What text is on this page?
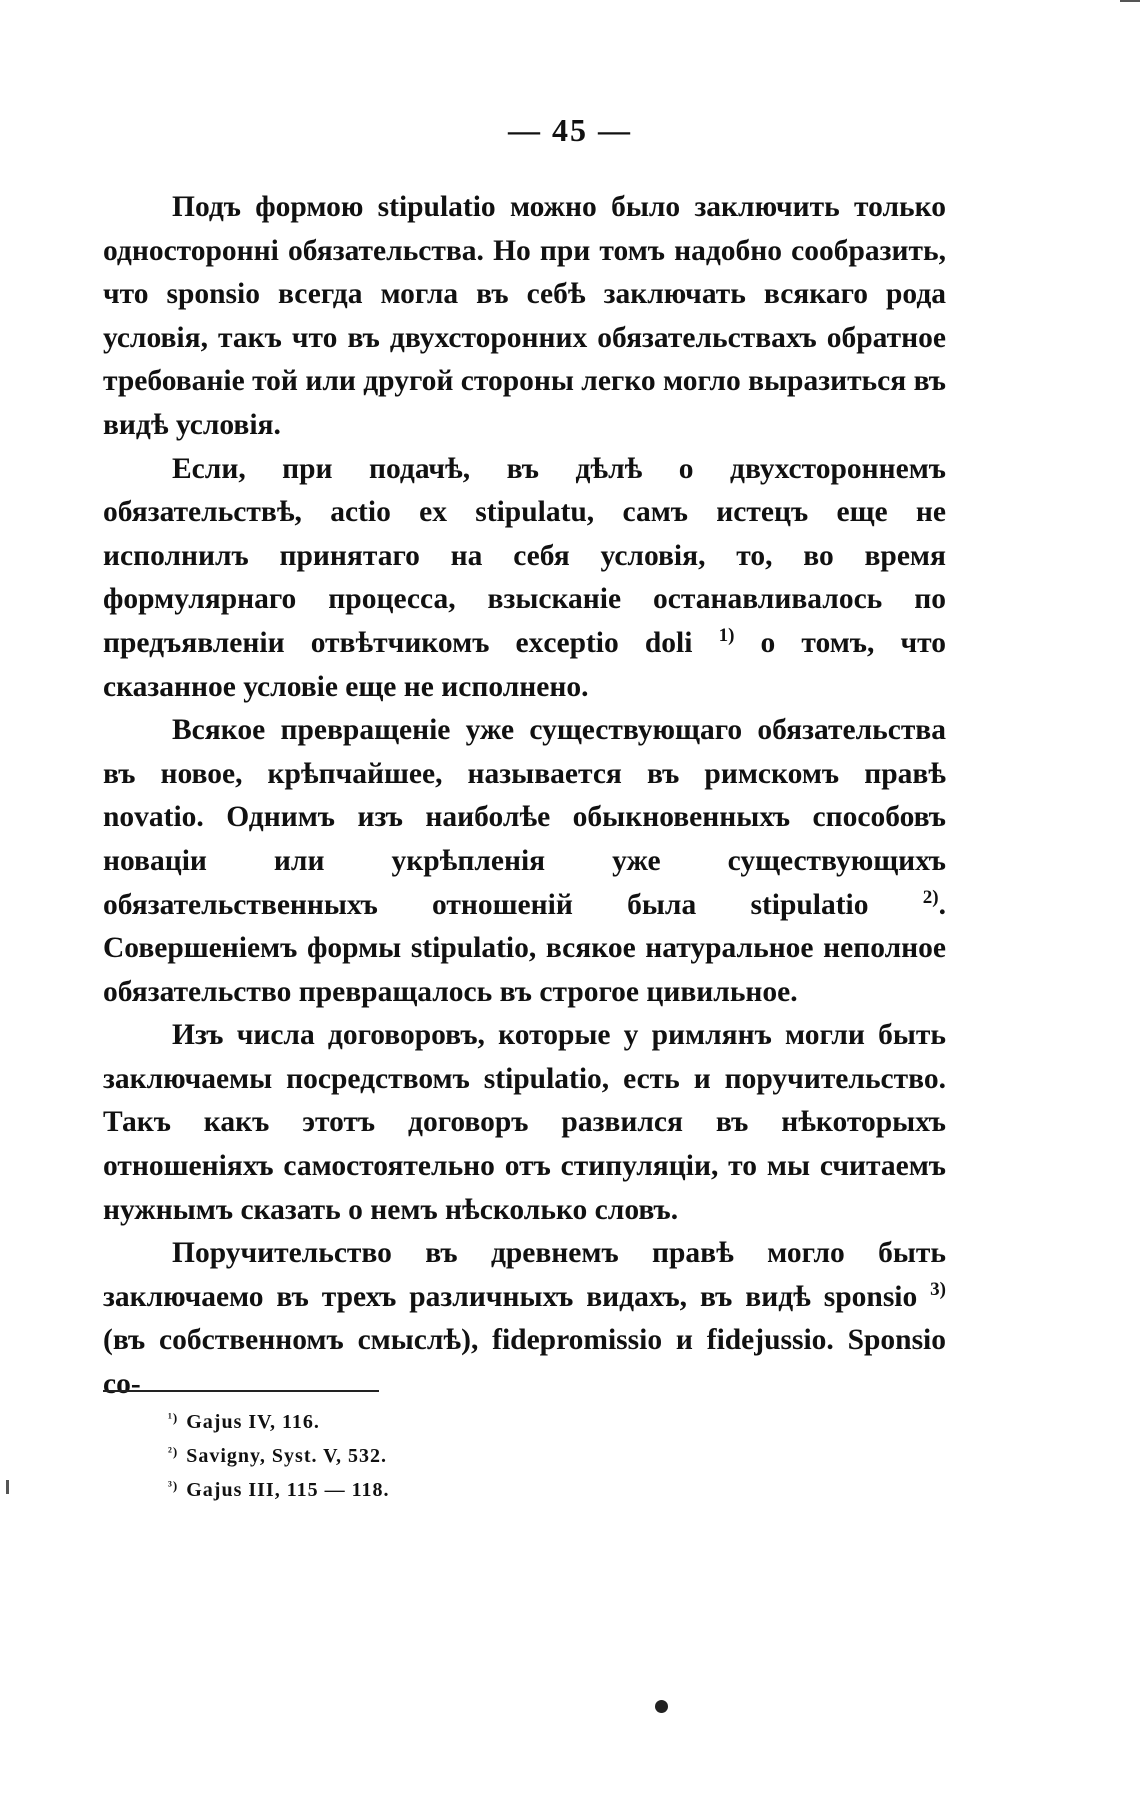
— 45 —

Подъ формою stipulatio можно было заключить только односторонні обязательства. Но при томъ надобно сообразить, что sponsio всегда могла въ себѣ заключать всякаго рода условія, такъ что въ двухсторонних обязательствахъ обратное требованіе той или другой стороны легко могло выразиться въ видѣ условія.

Если, при подачѣ, въ дѣлѣ о двухстороннемъ обязательствѣ, actio ex stipulatu, самъ истецъ еще не исполнилъ принятаго на себя условія, то, во время формулярнаго процесса, взысканіе останавливалось по предъявленіи отвѣтчикомъ exceptio doli $^{1)}$ о томъ, что сказанное условіе еще не исполнено.

Всякое превращеніе уже существующаго обязательства въ новое, крѣпчайшее, называется въ римскомъ правѣ novatio. Однимъ изъ наиболѣе обыкновенныхъ способовъ новаціи или укрѣпленія уже существующихъ обязательственныхъ отношеній была stipulatio $^{2)}$. Совершеніемъ формы stipulatio, всякое натуральное неполное обязательство превращалось въ строгое цивильное.

Изъ числа договоровъ, которые у римлянъ могли быть заключаемы посредствомъ stipulatio, есть и поручительство. Такъ какъ этотъ договоръ развился въ нѣкоторыхъ отношеніяхъ самостоятельно отъ стипуляціи, то мы считаемъ нужнымъ сказать о немъ нѣсколько словъ.

Поручительство въ древнемъ правѣ могло быть заключаемо въ трехъ различныхъ видахъ, въ видѣ sponsio $^{3)}$ (въ собственномъ смыслѣ), fidepromissio и fidejussio. Sponsio со-

$^{^1)}$ Gajus IV, 116.
$^{^2)}$ Savigny, Syst. V, 532.
$^{^3)}$ Gajus III, 115 — 118.
